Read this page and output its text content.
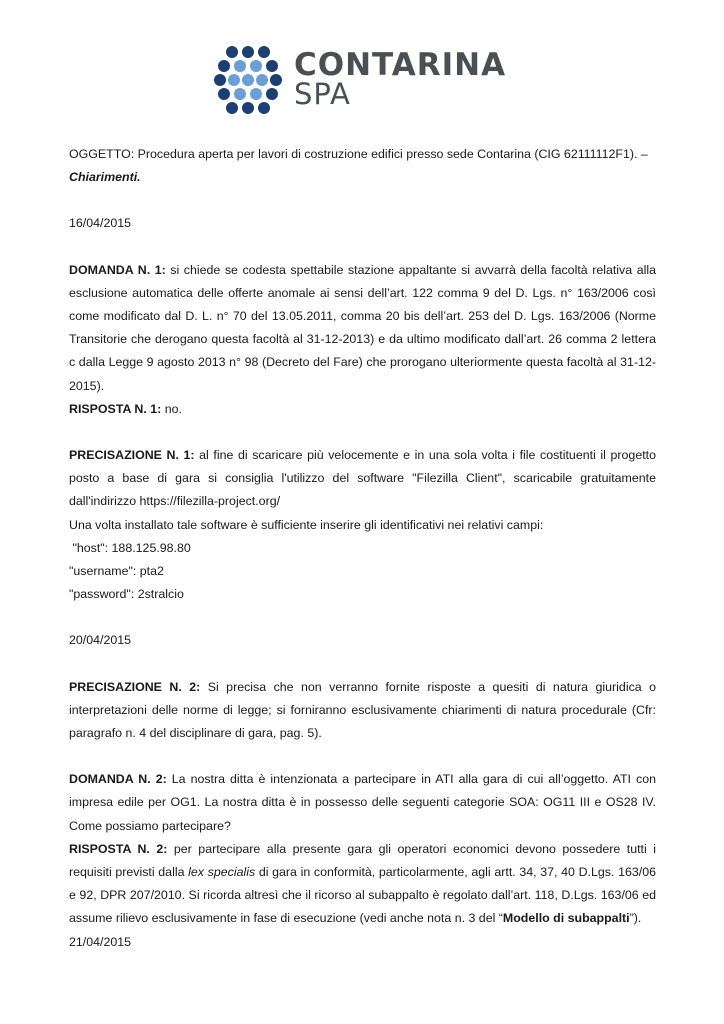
CONTARINA
SPA

OGGETTO: Procedura aperta per lavori di costruzione edifici presso sede Contarina (CIG 62111112F1). –
Chiarimenti.

16/04/2015

DOMANDA N. 1: si chiede se codesta spettabile stazione appaltante si avvarrà della facoltà relativa alla esclusione automatica delle offerte anomale ai sensi dell’art. 122 comma 9 del D. Lgs. n° 163/2006 così come modificato dal D. L. n° 70 del 13.05.2011, comma 20 bis dell’art. 253 del D. Lgs. 163/2006 (Norme Transitorie che derogano questa facoltà al 31-12-2013) e da ultimo modificato dall’art. 26 comma 2 lettera c dalla Legge 9 agosto 2013 n° 98 (Decreto del Fare) che prorogano ulteriormente questa facoltà al 31-12-2015).

RISPOSTA N. 1: no.

PRECISAZIONE N. 1: al fine di scaricare più velocemente e in una sola volta i file costituenti il progetto posto a base di gara si consiglia l'utilizzo del software "Filezilla Client", scaricabile gratuitamente dall'indirizzo https://filezilla-project.org/

Una volta installato tale software è sufficiente inserire gli identificativi nei relativi campi:

"host": 188.125.98.80

"username": pta2

"password": 2stralcio

20/04/2015

PRECISAZIONE N. 2: Si precisa che non verranno fornite risposte a quesiti di natura giuridica o interpretazioni delle norme di legge; si forniranno esclusivamente chiarimenti di natura procedurale (Cfr: paragrafo n. 4 del disciplinare di gara, pag. 5).

DOMANDA N. 2: La nostra ditta è intenzionata a partecipare in ATI alla gara di cui all’oggetto. ATI con impresa edile per OG1. La nostra ditta è in possesso delle seguenti categorie SOA: OG11 III e OS28 IV. Come possiamo partecipare?

RISPOSTA N. 2: per partecipare alla presente gara gli operatori economici devono possedere tutti i requisiti previsti dalla lex specialis di gara in conformità, particolarmente, agli artt. 34, 37, 40 D.Lgs. 163/06 e 92, DPR 207/2010. Si ricorda altresì che il ricorso al subappalto è regolato dall’art. 118, D.Lgs. 163/06 ed assume rilievo esclusivamente in fase di esecuzione (vedi anche nota n. 3 del “Modello di subappalti”).

21/04/2015
